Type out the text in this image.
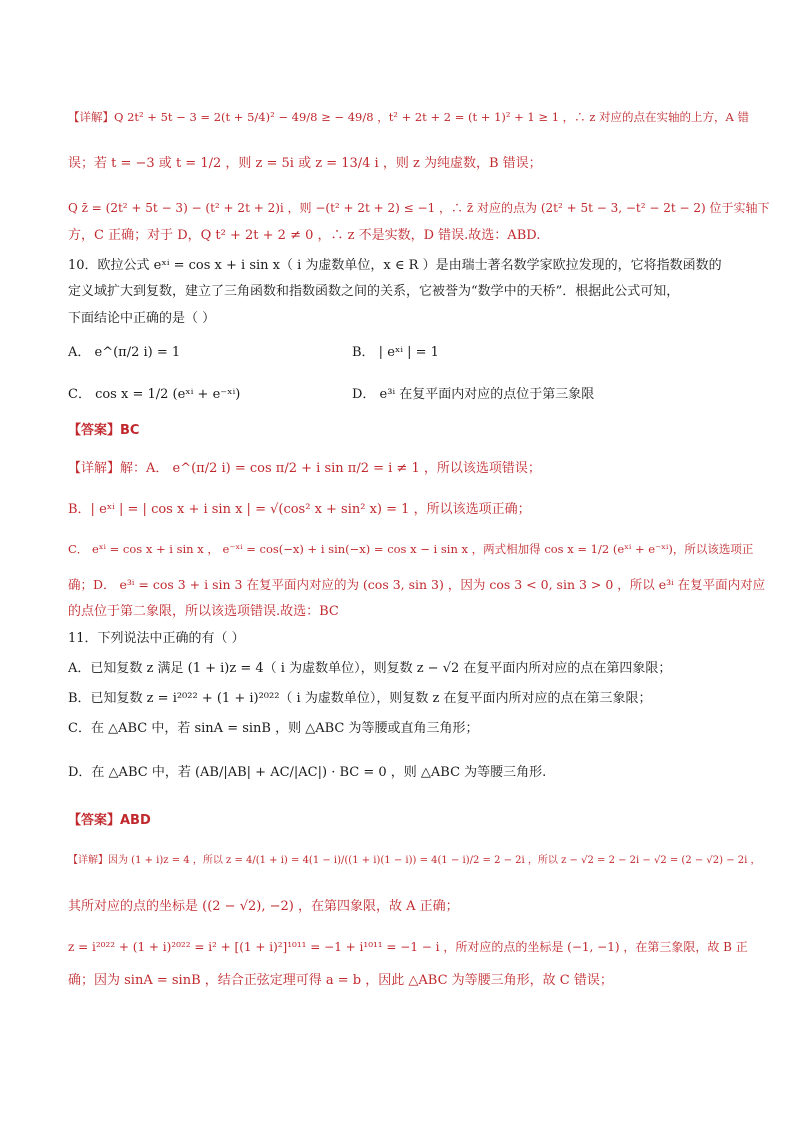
【详解】Q 2t² + 5t − 3 = 2(t + 5/4)² − 49/8 ≥ − 49/8 ，t² + 2t + 2 = (t + 1)² + 1 ≥ 1 ，∴ z 对应的点在实轴的上方，A 错
误；若 t = −3 或 t = 1/2 ，则 z = 5i 或 z = 13/4 i ，则 z 为纯虚数，B 错误；
Q z̄ = (2t² + 5t − 3) − (t² + 2t + 2)i ，则 −(t² + 2t + 2) ≤ −1 ，∴ z̄ 对应的点为 (2t² + 5t − 3, −t² − 2t − 2) 位于实轴下
方，C 正确；对于 D，Q t² + 2t + 2 ≠ 0 ，∴ z 不是实数，D 错误.故选：ABD.
10．欧拉公式 eˣⁱ = cos x + i sin x（ i 为虚数单位，x ∈ R ）是由瑞士著名数学家欧拉发现的，它将指数函数的
定义域扩大到复数，建立了三角函数和指数函数之间的关系，它被誉为“数学中的天桥”．根据此公式可知，
下面结论中正确的是（ ）
A． e^(π/2 i) = 1
C． cos x = 1/2 (eˣⁱ + e⁻ˣⁱ)
【答案】BC
【详解】解：A． e^(π/2 i) = cos π/2 + i sin π/2 = i ≠ 1 ，所以该选项错误；
B．| eˣⁱ | = | cos x + i sin x | = √(cos² x + sin² x) = 1 ，所以该选项正确；
C． eˣⁱ = cos x + i sin x ， e⁻ˣⁱ = cos(−x) + i sin(−x) = cos x − i sin x ，两式相加得 cos x = 1/2 (eˣⁱ + e⁻ˣⁱ)，所以该选项正
确；D． e³ⁱ = cos 3 + i sin 3 在复平面内对应的为 (cos 3, sin 3) ，因为 cos 3 < 0, sin 3 > 0 ，所以 e³ⁱ 在复平面内对应
的点位于第二象限，所以该选项错误.故选：BC
11．下列说法中正确的有（ ）
A．已知复数 z 满足 (1 + i)z = 4（ i 为虚数单位），则复数 z − √2 在复平面内所对应的点在第四象限；
B．已知复数 z = i²⁰²² + (1 + i)²⁰²²（ i 为虚数单位），则复数 z 在复平面内所对应的点在第三象限；
C．在 △ABC 中，若 sinA = sinB ，则 △ABC 为等腰或直角三角形；
D．在 △ABC 中，若 (AB/|AB| + AC/|AC|) · BC = 0 ，则 △ABC 为等腰三角形.
【答案】ABD
【详解】因为 (1 + i)z = 4 ，所以 z = 4/(1 + i) = 4(1 − i)/((1 + i)(1 − i)) = 4(1 − i)/2 = 2 − 2i ，所以 z − √2 = 2 − 2i − √2 = (2 − √2) − 2i ，
其所对应的点的坐标是 ((2 − √2), −2) ，在第四象限，故 A 正确；
z = i²⁰²² + (1 + i)²⁰²² = i² + [(1 + i)²]¹⁰¹¹ = −1 + i¹⁰¹¹ = −1 − i ，所对应的点的坐标是 (−1, −1) ，在第三象限，故 B 正
确；因为 sinA = sinB ，结合正弦定理可得 a = b ，因此 △ABC 为等腰三角形，故 C 错误；
B． | eˣⁱ | = 1
D． e³ⁱ 在复平面内对应的点位于第三象限
